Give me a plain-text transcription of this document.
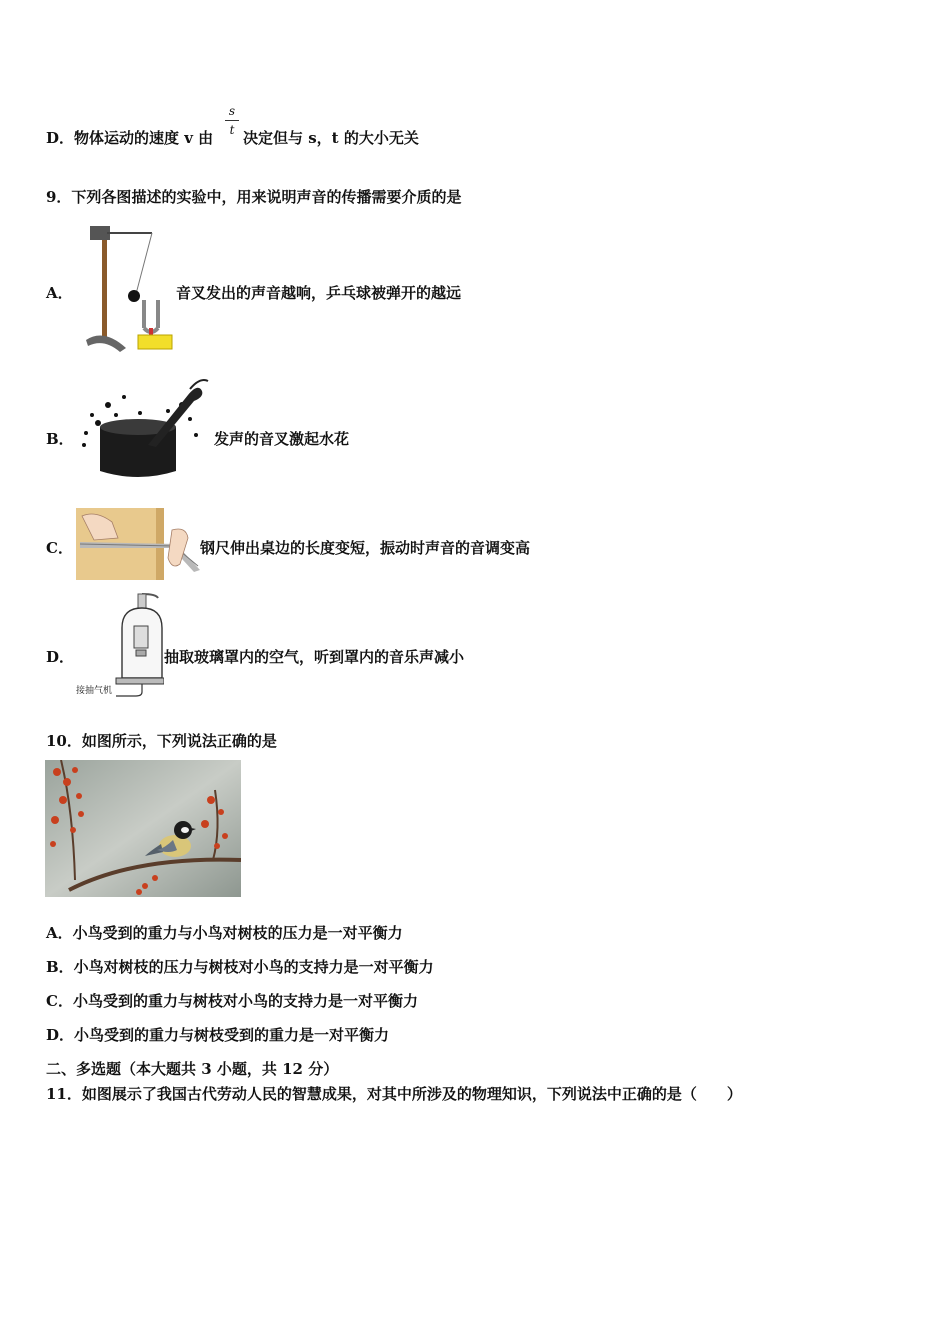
D．物体运动的速度 v 由
s
t 决定但与 s，t 的大小无关
9．下列各图描述的实验中，用来说明声音的传播需要介质的是
A．	音叉发出的声音越响，乒乓球被弹开的越远
B．	发声的音叉激起水花
C．	钢尺伸出桌边的长度变短，振动时声音的音调变高
D．
接抽气机
抽取玻璃罩内的空气，听到罩内的音乐声减小
10．如图所示，下列说法正确的是
A．小鸟受到的重力与小鸟对树枝的压力是一对平衡力
B．小鸟对树枝的压力与树枝对小鸟的支持力是一对平衡力
C．小鸟受到的重力与树枝对小鸟的支持力是一对平衡力
D．小鸟受到的重力与树枝受到的重力是一对平衡力
二、多选题（本大题共 3 小题，共 12 分）
11．如图展示了我国古代劳动人民的智慧成果，对其中所涉及的物理知识，下列说法中正确的是（　　）
